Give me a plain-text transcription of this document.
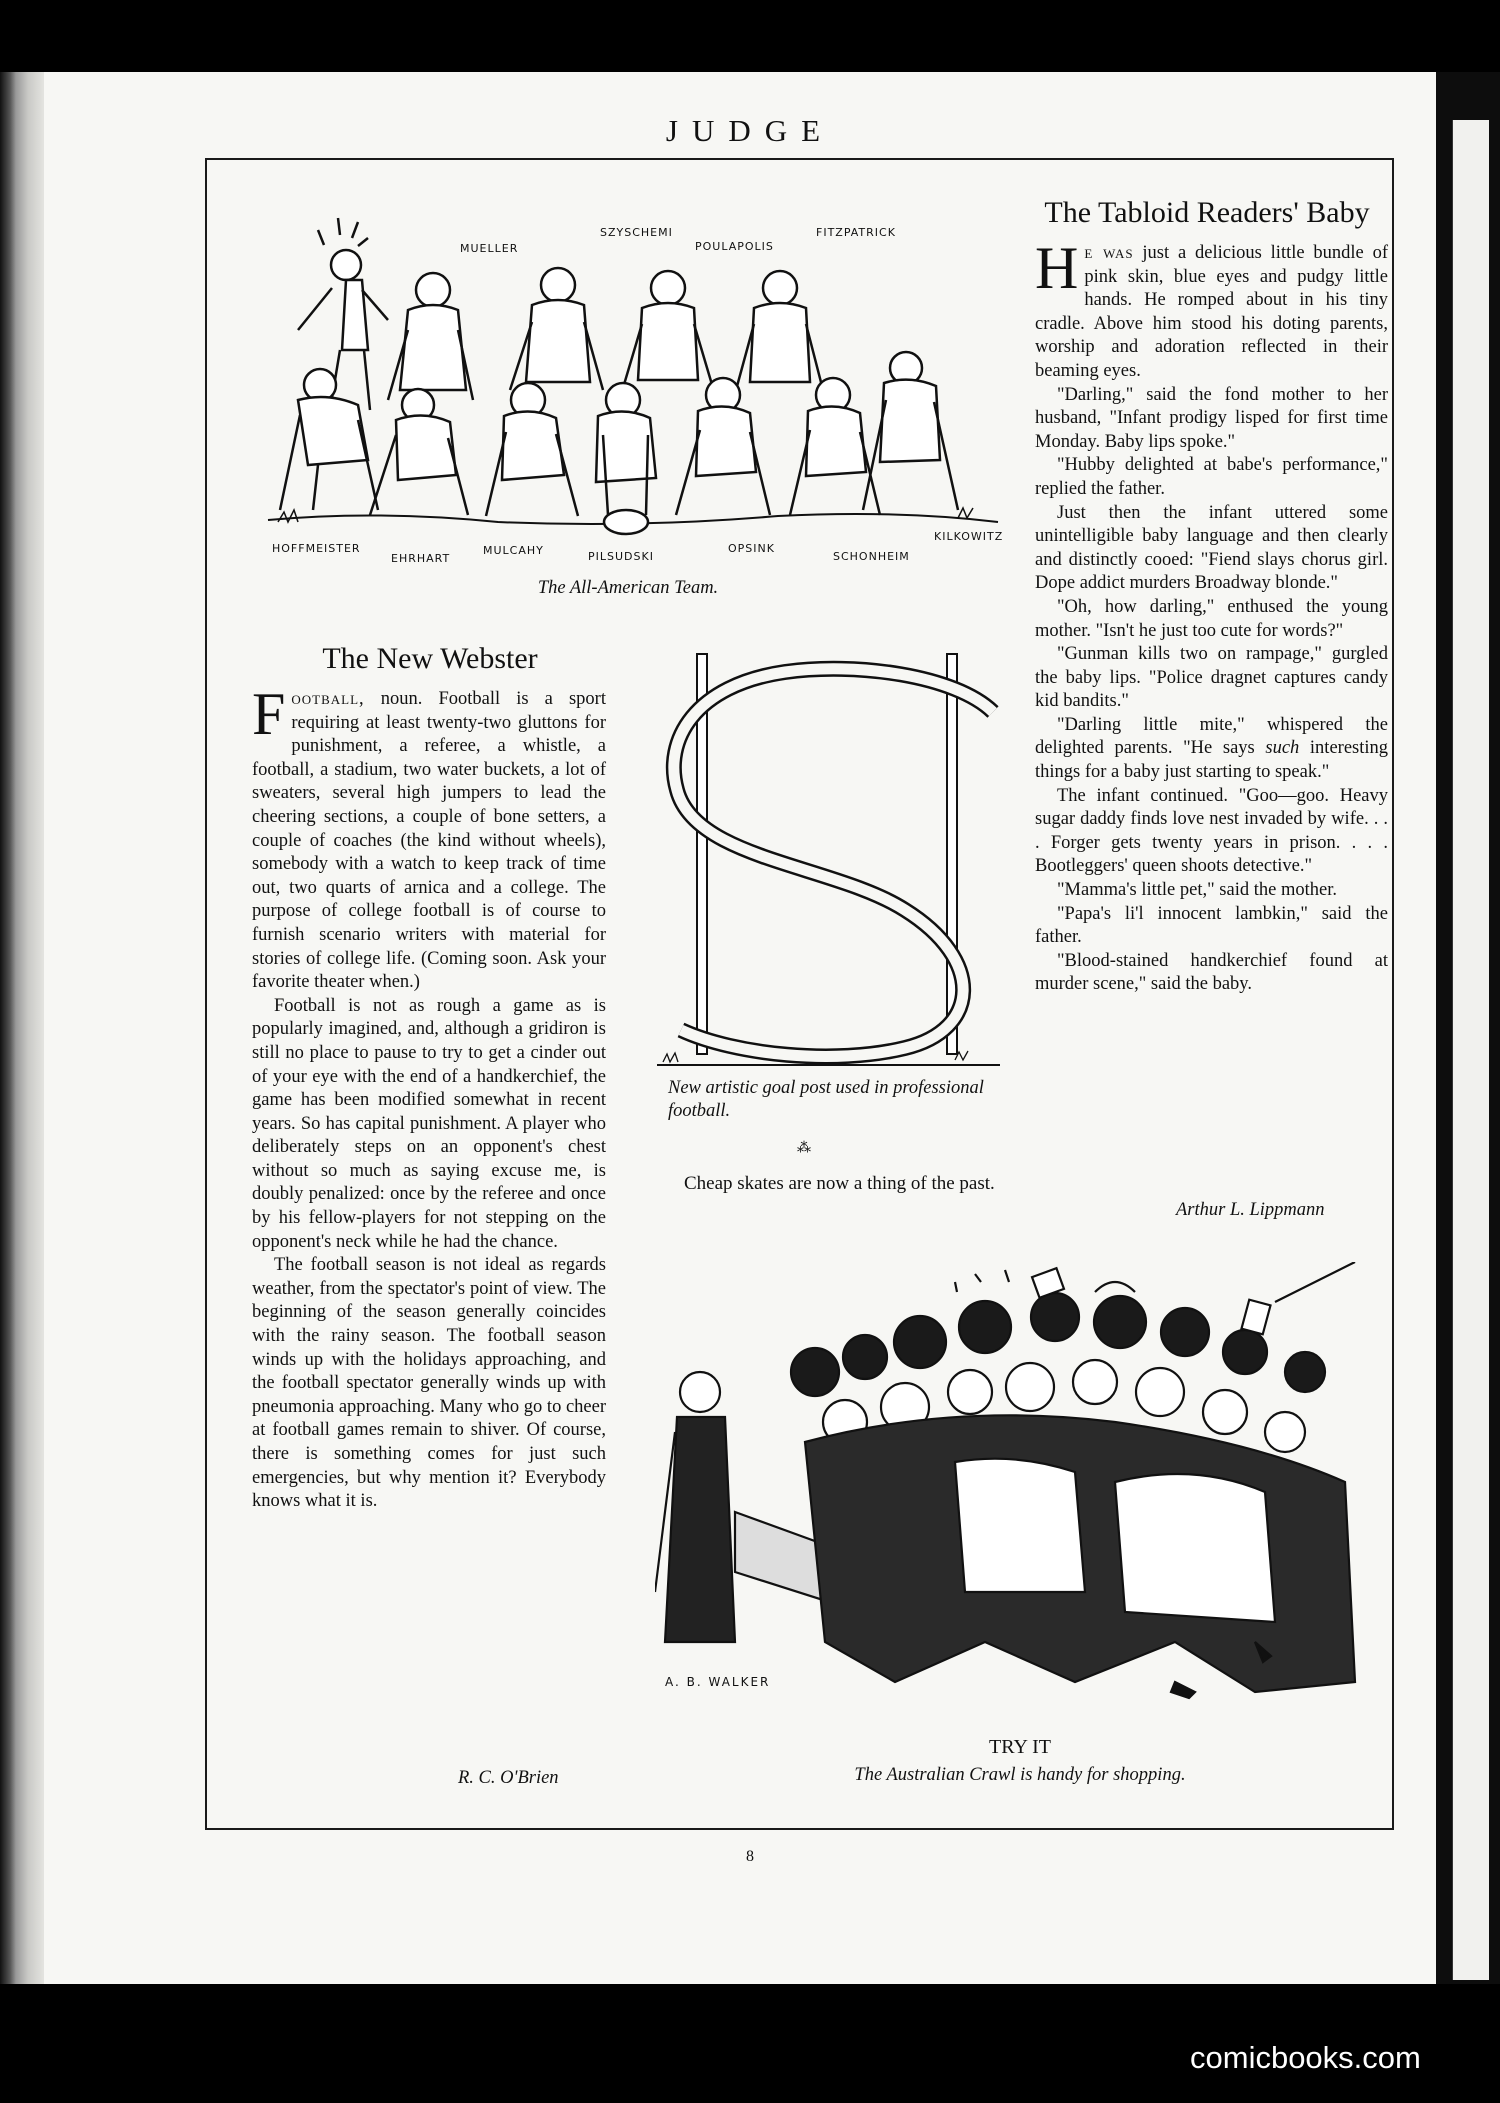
JUDGE
MUELLER
SZYSCHEMI
POULAPOLIS
FITZPATRICK
HOFFMEISTER
EHRHART
MULCAHY	PILSUDSKI
OPSINK
SCHONHEIM
KILKOWITZ
The All-American Team.
The New Webster

Football, noun. Football is a sport requiring at least twenty-two gluttons for punishment, a referee, a whistle, a football, a stadium, two water buckets, a lot of sweaters, several high jumpers to lead the cheering sections, a couple of bone setters, a couple of coaches (the kind without wheels), somebody with a watch to keep track of time out, two quarts of arnica and a college. The purpose of college football is of course to furnish scenario writers with material for stories of college life. (Coming soon. Ask your favorite theater when.)

Football is not as rough a game as is popularly imagined, and, although a gridiron is still no place to pause to try to get a cinder out of your eye with the end of a handkerchief, the game has been modified somewhat in recent years. So has capital punishment. A player who deliberately steps on an opponent's chest without so much as saying excuse me, is doubly penalized: once by the referee and once by his fellow-players for not stepping on the opponent's neck while he had the chance.

The football season is not ideal as regards weather, from the spectator's point of view. The beginning of the season generally coincides with the rainy season. The football season winds up with the holidays approaching, and the football spectator generally winds up with pneumonia approaching. Many who go to cheer at football games remain to shiver. Of course, there is something comes for just such emergencies, but why mention it? Everybody knows what it is.

R. C. O'Brien
New artistic goal post used in professional football.
⁂

Cheap skates are now a thing of the past.

The Tabloid Readers' Baby

He was just a delicious little bundle of pink skin, blue eyes and pudgy little hands. He romped about in his tiny cradle. Above him stood his doting parents, worship and adoration reflected in their beaming eyes.

"Darling," said the fond mother to her husband, "Infant prodigy lisped for first time Monday. Baby lips spoke."

"Hubby delighted at babe's performance," replied the father.

Just then the infant uttered some unintelligible baby language and then clearly and distinctly cooed: "Fiend slays chorus girl. Dope addict murders Broadway blonde."

"Oh, how darling," enthused the young mother. "Isn't he just too cute for words?"

"Gunman kills two on rampage," gurgled the baby lips. "Police dragnet captures candy kid bandits."

"Darling little mite," whispered the delighted parents. "He says such interesting things for a baby just starting to speak."

The infant continued. "Goo—goo. Heavy sugar daddy finds love nest invaded by wife. . . . Forger gets twenty years in prison. . . . Bootleggers' queen shoots detective."

"Mamma's little pet," said the mother.

"Papa's li'l innocent lambkin," said the father.

"Blood-stained handkerchief found at murder scene," said the baby.

Arthur L. Lippmann
A. B. WALKER
TRY IT
The Australian Crawl is handy for shopping.
8
comicbooks.com
